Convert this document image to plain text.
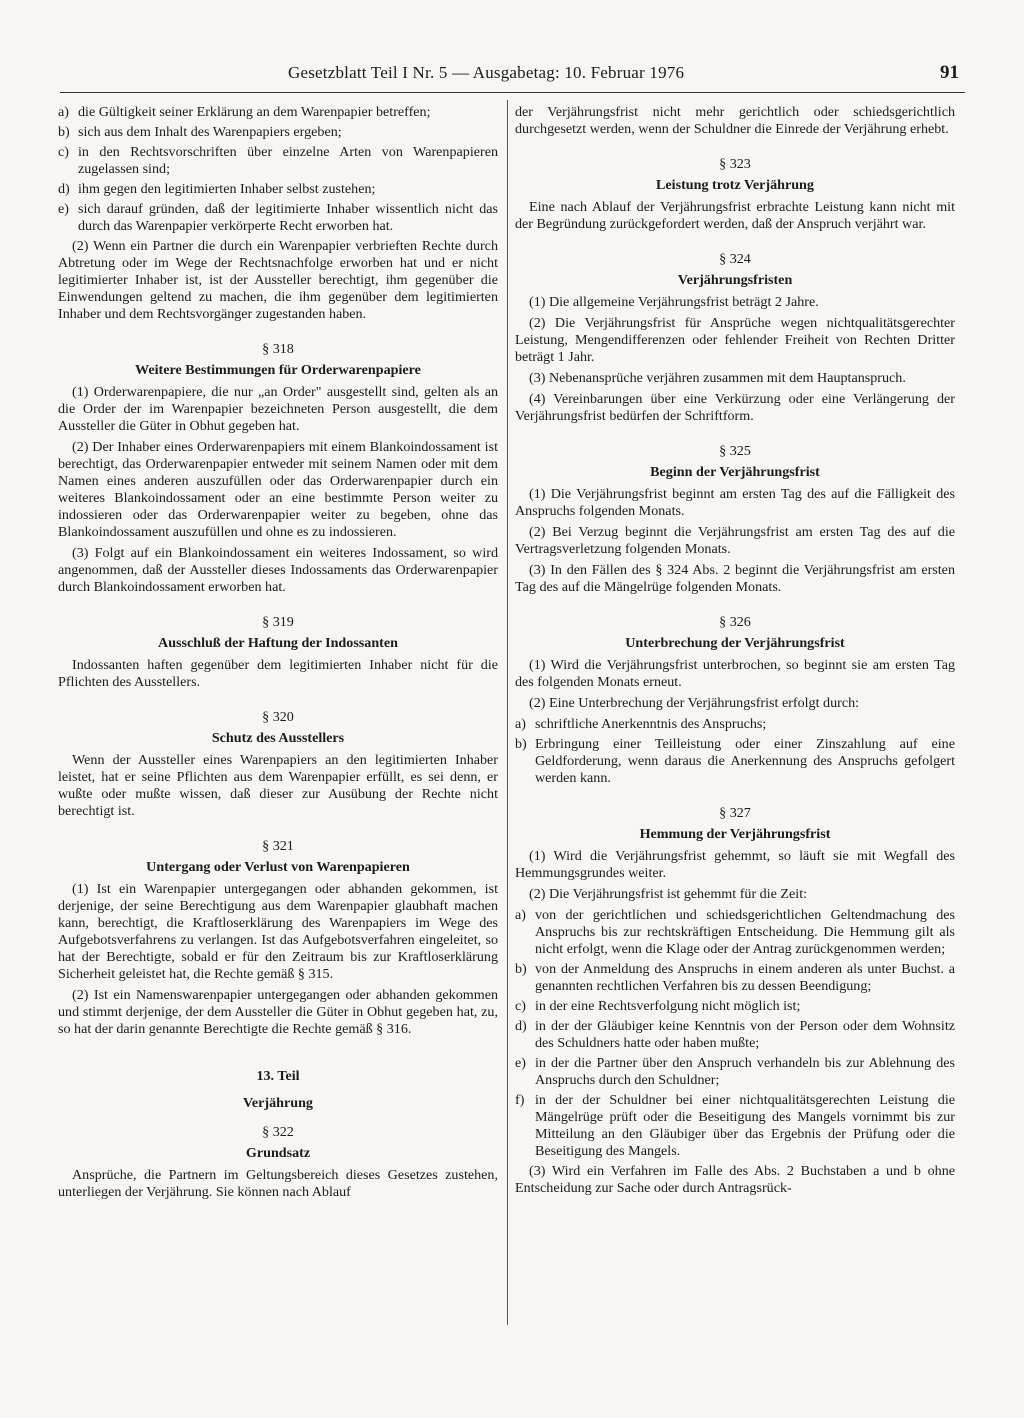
Gesetzblatt Teil I Nr. 5 — Ausgabetag: 10. Februar 1976	91
a) die Gültigkeit seiner Erklärung an dem Warenpapier betreffen;
b) sich aus dem Inhalt des Warenpapiers ergeben;
c) in den Rechtsvorschriften über einzelne Arten von Warenpapieren zugelassen sind;
d) ihm gegen den legitimierten Inhaber selbst zustehen;
e) sich darauf gründen, daß der legitimierte Inhaber wissentlich nicht das durch das Warenpapier verkörperte Recht erworben hat.

(2) Wenn ein Partner die durch ein Warenpapier verbrieften Rechte durch Abtretung oder im Wege der Rechtsnachfolge erworben hat und er nicht legitimierter Inhaber ist, ist der Aussteller berechtigt, ihm gegenüber die Einwendungen geltend zu machen, die ihm gegenüber dem legitimierten Inhaber und dem Rechtsvorgänger zugestanden haben.

§ 318
Weitere Bestimmungen für Orderwarenpapiere

(1) Orderwarenpapiere, die nur „an Order" ausgestellt sind, gelten als an die Order der im Warenpapier bezeichneten Person ausgestellt, die dem Aussteller die Güter in Obhut gegeben hat.

(2) Der Inhaber eines Orderwarenpapiers mit einem Blankoindossament ist berechtigt, das Orderwarenpapier entweder mit seinem Namen oder mit dem Namen eines anderen auszufüllen oder das Orderwarenpapier durch ein weiteres Blankoindossament oder an eine bestimmte Person weiter zu indossieren oder das Orderwarenpapier weiter zu begeben, ohne das Blankoindossament auszufüllen und ohne es zu indossieren.

(3) Folgt auf ein Blankoindossament ein weiteres Indossament, so wird angenommen, daß der Aussteller dieses Indossaments das Orderwarenpapier durch Blankoindossament erworben hat.

§ 319
Ausschluß der Haftung der Indossanten

Indossanten haften gegenüber dem legitimierten Inhaber nicht für die Pflichten des Ausstellers.

§ 320
Schutz des Ausstellers

Wenn der Aussteller eines Warenpapiers an den legitimierten Inhaber leistet, hat er seine Pflichten aus dem Warenpapier erfüllt, es sei denn, er wußte oder mußte wissen, daß dieser zur Ausübung der Rechte nicht berechtigt ist.

§ 321
Untergang oder Verlust von Warenpapieren

(1) Ist ein Warenpapier untergegangen oder abhanden gekommen, ist derjenige, der seine Berechtigung aus dem Warenpapier glaubhaft machen kann, berechtigt, die Kraftloserklärung des Warenpapiers im Wege des Aufgebotsverfahrens zu verlangen. Ist das Aufgebotsverfahren eingeleitet, so hat der Berechtigte, sobald er für den Zeitraum bis zur Kraftloserklärung Sicherheit geleistet hat, die Rechte gemäß § 315.

(2) Ist ein Namenswarenpapier untergegangen oder abhanden gekommen und stimmt derjenige, der dem Aussteller die Güter in Obhut gegeben hat, zu, so hat der darin genannte Berechtigte die Rechte gemäß § 316.

13. Teil
Verjährung
§ 322
Grundsatz

Ansprüche, die Partnern im Geltungsbereich dieses Gesetzes zustehen, unterliegen der Verjährung. Sie können nach Ablauf

der Verjährungsfrist nicht mehr gerichtlich oder schiedsgerichtlich durchgesetzt werden, wenn der Schuldner die Einrede der Verjährung erhebt.

§ 323
Leistung trotz Verjährung

Eine nach Ablauf der Verjährungsfrist erbrachte Leistung kann nicht mit der Begründung zurückgefordert werden, daß der Anspruch verjährt war.

§ 324
Verjährungsfristen

(1) Die allgemeine Verjährungsfrist beträgt 2 Jahre.

(2) Die Verjährungsfrist für Ansprüche wegen nichtqualitätsgerechter Leistung, Mengendifferenzen oder fehlender Freiheit von Rechten Dritter beträgt 1 Jahr.

(3) Nebenansprüche verjähren zusammen mit dem Hauptanspruch.

(4) Vereinbarungen über eine Verkürzung oder eine Verlängerung der Verjährungsfrist bedürfen der Schriftform.

§ 325
Beginn der Verjährungsfrist

(1) Die Verjährungsfrist beginnt am ersten Tag des auf die Fälligkeit des Anspruchs folgenden Monats.

(2) Bei Verzug beginnt die Verjährungsfrist am ersten Tag des auf die Vertragsverletzung folgenden Monats.

(3) In den Fällen des § 324 Abs. 2 beginnt die Verjährungsfrist am ersten Tag des auf die Mängelrüge folgenden Monats.

§ 326
Unterbrechung der Verjährungsfrist

(1) Wird die Verjährungsfrist unterbrochen, so beginnt sie am ersten Tag des folgenden Monats erneut.

(2) Eine Unterbrechung der Verjährungsfrist erfolgt durch:

a) schriftliche Anerkenntnis des Anspruchs;
b) Erbringung einer Teilleistung oder einer Zinszahlung auf eine Geldforderung, wenn daraus die Anerkennung des Anspruchs gefolgert werden kann.
§ 327
Hemmung der Verjährungsfrist

(1) Wird die Verjährungsfrist gehemmt, so läuft sie mit Wegfall des Hemmungsgrundes weiter.

(2) Die Verjährungsfrist ist gehemmt für die Zeit:

a) von der gerichtlichen und schiedsgerichtlichen Geltendmachung des Anspruchs bis zur rechtskräftigen Entscheidung. Die Hemmung gilt als nicht erfolgt, wenn die Klage oder der Antrag zurückgenommen werden;
b) von der Anmeldung des Anspruchs in einem anderen als unter Buchst. a genannten rechtlichen Verfahren bis zu dessen Beendigung;
c) in der eine Rechtsverfolgung nicht möglich ist;
d) in der der Gläubiger keine Kenntnis von der Person oder dem Wohnsitz des Schuldners hatte oder haben mußte;
e) in der die Partner über den Anspruch verhandeln bis zur Ablehnung des Anspruchs durch den Schuldner;
f) in der der Schuldner bei einer nichtqualitätsgerechten Leistung die Mängelrüge prüft oder die Beseitigung des Mangels vornimmt bis zur Mitteilung an den Gläubiger über das Ergebnis der Prüfung oder die Beseitigung des Mangels.

(3) Wird ein Verfahren im Falle des Abs. 2 Buchstaben a und b ohne Entscheidung zur Sache oder durch Antragsrück-
